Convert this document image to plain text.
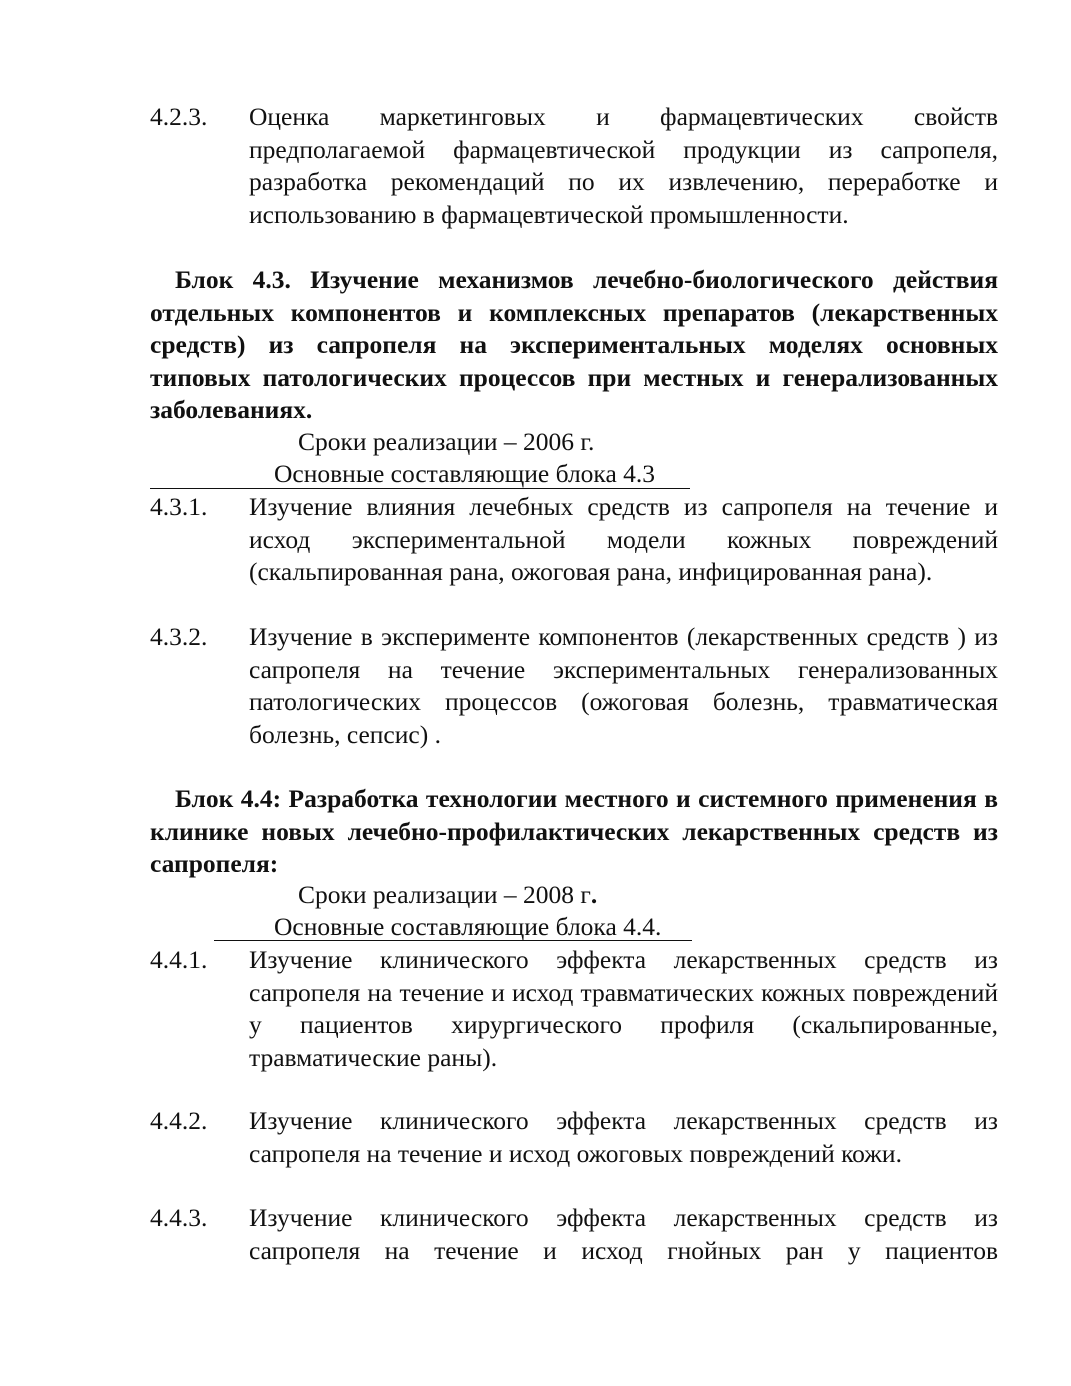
4.2.3.	Оценка маркетинговых и фармацевтических свойств предполагаемой фармацевтической продукции из сапропеля, разработка рекомендаций по их извлечению, переработке и использованию в фармацевтической промышленности.
Блок 4.3. Изучение механизмов лечебно-биологического действия отдельных компонентов и комплексных препаратов (лекарственных средств) из сапропеля на экспериментальных моделях основных типовых патологических процессов при местных и генерализованных заболеваниях.
Сроки реализации – 2006 г.
Основные составляющие блока 4.3
4.3.1.	Изучение влияния лечебных средств из сапропеля на течение и исход экспериментальной модели кожных повреждений (скальпированная рана, ожоговая рана, инфицированная рана).
4.3.2.	Изучение в эксперименте компонентов (лекарственных средств ) из сапропеля на течение экспериментальных генерализованных патологических процессов (ожоговая болезнь, травматическая болезнь, сепсис) .
Блок 4.4: Разработка технологии местного и системного применения в клинике новых лечебно-профилактических лекарственных средств из сапропеля:
Сроки реализации – 2008 г.
Основные составляющие блока 4.4.
4.4.1.	Изучение клинического эффекта лекарственных средств из сапропеля на течение и исход травматических кожных повреждений у пациентов хирургического профиля (скальпированные, травматические раны).
4.4.2.	Изучение клинического эффекта лекарственных средств из сапропеля на течение и исход ожоговых повреждений кожи.
4.4.3.	Изучение клинического эффекта лекарственных средств из сапропеля на течение и исход гнойных ран у пациентов
